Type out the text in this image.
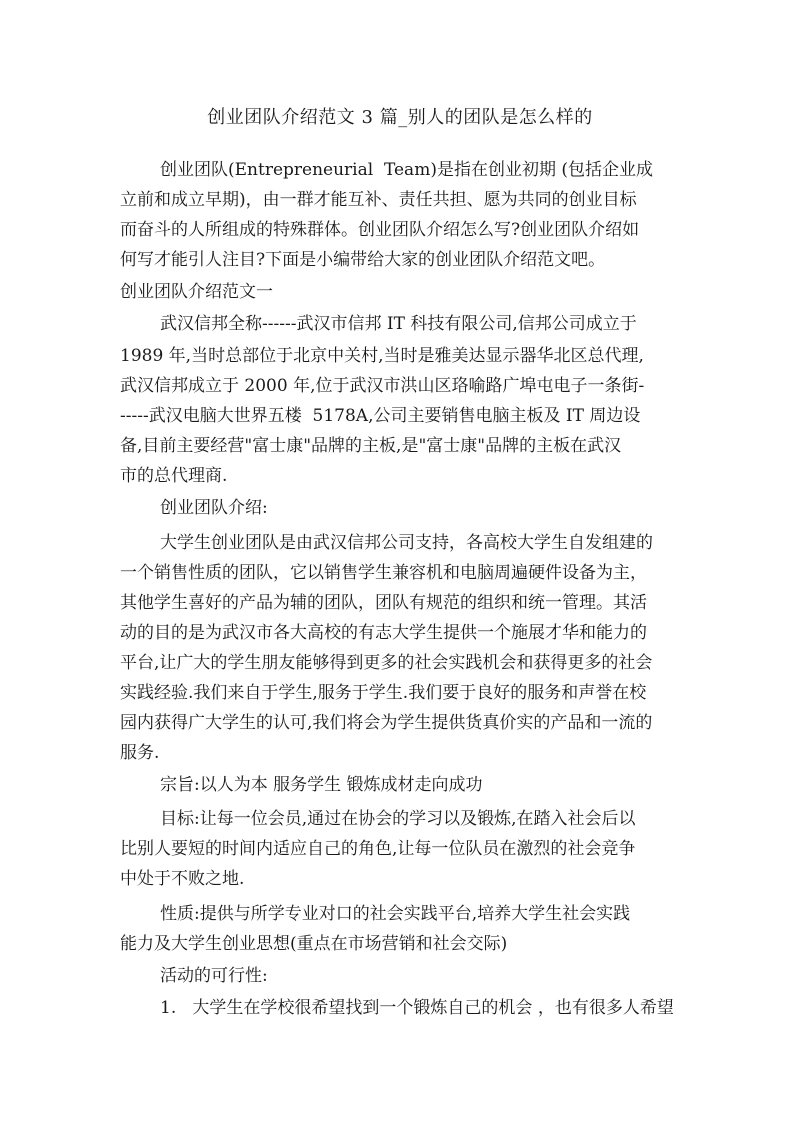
创业团队介绍范文 3 篇_别人的团队是怎么样的
创业团队(Entrepreneurial  Team)是指在创业初期 (包括企业成
立前和成立早期)，由一群才能互补、责任共担、愿为共同的创业目标
而奋斗的人所组成的特殊群体。创业团队介绍怎么写?创业团队介绍如
何写才能引人注目?下面是小编带给大家的创业团队介绍范文吧。
创业团队介绍范文一
武汉信邦全称------武汉市信邦 IT 科技有限公司,信邦公司成立于
1989 年,当时总部位于北京中关村,当时是雅美达显示器华北区总代理,
武汉信邦成立于 2000 年,位于武汉市洪山区珞喻路广埠屯电子一条街-
-----武汉电脑大世界五楼  5178A,公司主要销售电脑主板及 IT 周边设
备,目前主要经营"富士康"品牌的主板,是"富士康"品牌的主板在武汉
市的总代理商.
创业团队介绍:
大学生创业团队是由武汉信邦公司支持，各高校大学生自发组建的
一个销售性质的团队，它以销售学生兼容机和电脑周遍硬件设备为主，
其他学生喜好的产品为辅的团队，团队有规范的组织和统一管理。其活
动的目的是为武汉市各大高校的有志大学生提供一个施展才华和能力的
平台,让广大的学生朋友能够得到更多的社会实践机会和获得更多的社会
实践经验.我们来自于学生,服务于学生.我们要于良好的服务和声誉在校
园内获得广大学生的认可,我们将会为学生提供货真价实的产品和一流的
服务.
宗旨:以人为本 服务学生 锻炼成材走向成功
目标:让每一位会员,通过在协会的学习以及锻炼,在踏入社会后以
比别人要短的时间内适应自己的角色,让每一位队员在激烈的社会竞争
中处于不败之地.
性质:提供与所学专业对口的社会实践平台,培养大学生社会实践
能力及大学生创业思想(重点在市场营销和社会交际)
活动的可行性:
1.   大学生在学校很希望找到一个锻炼自己的机会 ，也有很多人希望
